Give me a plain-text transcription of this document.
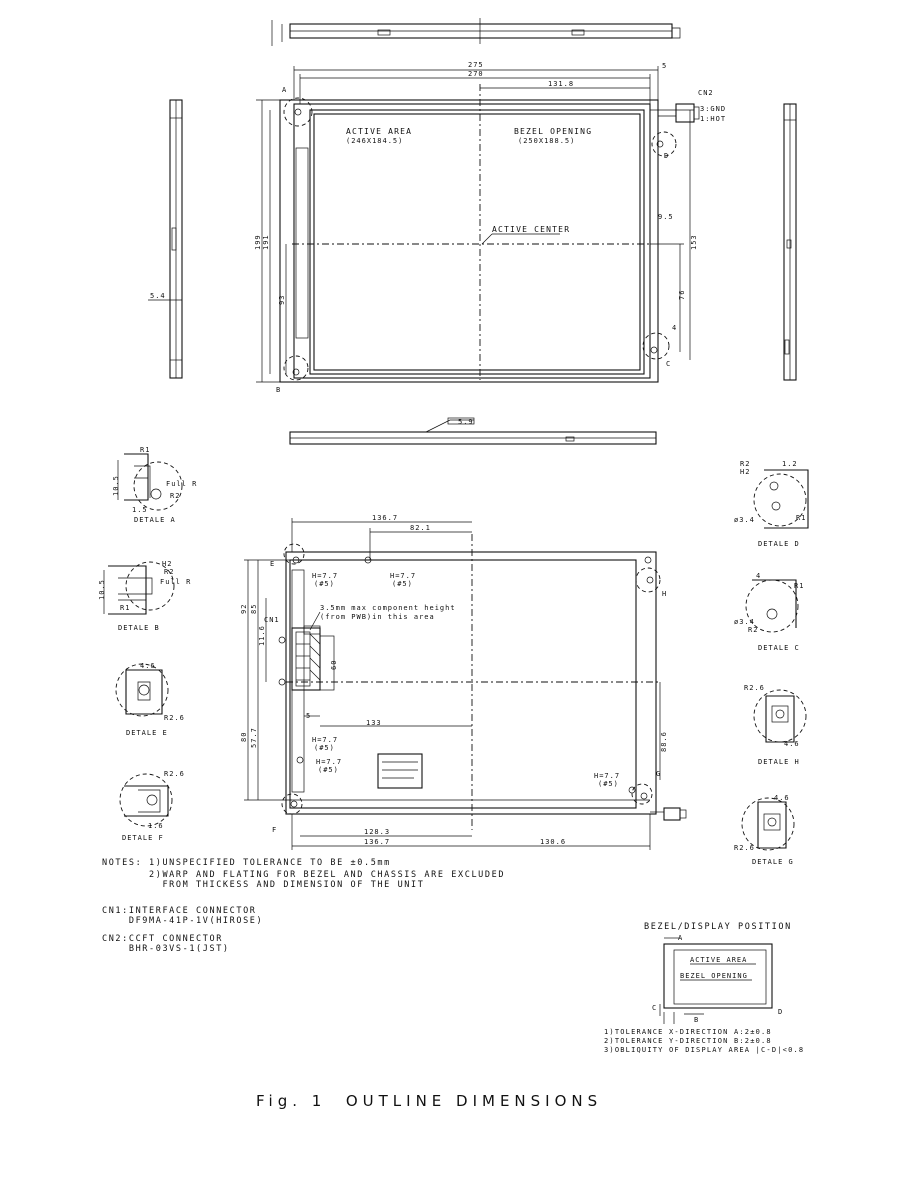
275
270
5
131.8
199 191
93
153
76
9.5
4
A
B
C
D
ACTIVE AREA
(246X184.5)
BEZEL OPENING
(250X188.5)
ACTIVE CENTER
CN2
3:GND
1:HOT
5.4
5.9
136.7
82.1
128.3
136.7	130.6
92 85
80 57.7
11.6
CN1
60
5
3.5mm max component height
(from PWB)in this area
133
88.6
H=7.7
(#5)
H=7.7
(#5)
H=7.7
(#5)
H=7.7
(#5)
H=7.7
(#5)
E
F
G
H
10.5
R1
Full R
R2
1.5
DETALE A
10.5
H2
R2
Full R
R1
DETALE B
4.6
R2.6
DETALE E
R2.6
1.6
DETALE F
R2
H2
1.2
ø3.4	R1
DETALE D
4
R1
ø3.4
R2
DETALE C
R2.6
4.6
DETALE H
4.6
R2.6
DETALE G
A
C
B
D
ACTIVE AREA
BEZEL OPENING
NOTES: 1)UNSPECIFIED TOLERANCE TO BE ±0.5mm
2)WARP AND FLATING FOR BEZEL AND CHASSIS ARE EXCLUDED
FROM THICKESS AND DIMENSION OF THE UNIT
CN1:INTERFACE CONNECTOR
DF9MA-41P-1V(HIROSE)
CN2:CCFT CONNECTOR
BHR-03VS-1(JST)
BEZEL/DISPLAY POSITION
1)TOLERANCE X-DIRECTION A:2±0.8
2)TOLERANCE Y-DIRECTION B:2±0.8
3)OBLIQUITY OF DISPLAY AREA |C-D|<0.8
Fig. 1  OUTLINE DIMENSIONS
